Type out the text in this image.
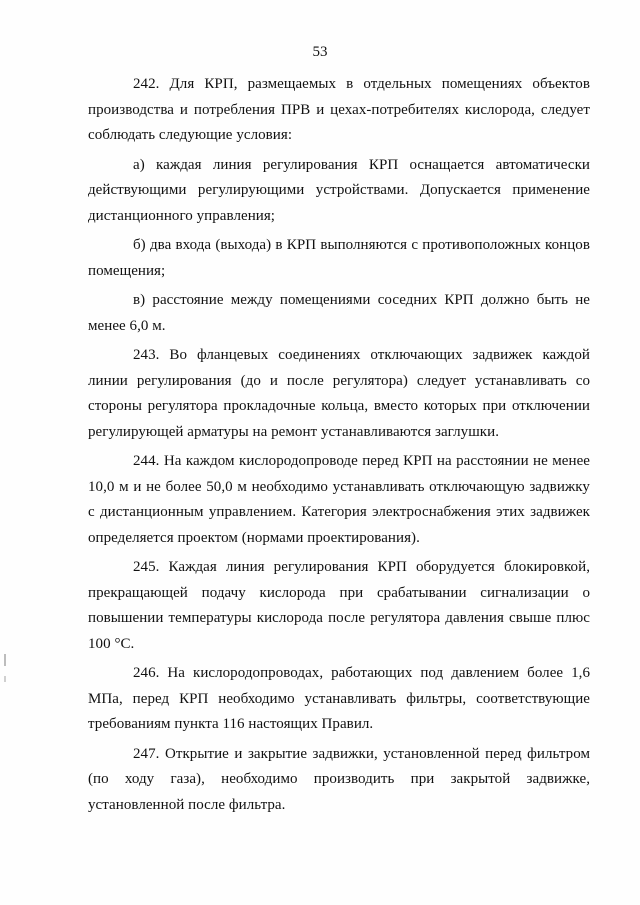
53

242. Для КРП, размещаемых в отдельных помещениях объектов производства и потребления ПРВ и цехах-потребителях кислорода, следует соблюдать следующие условия:

а) каждая линия регулирования КРП оснащается автоматически действующими регулирующими устройствами. Допускается применение дистанционного управления;

б) два входа (выхода) в КРП выполняются с противоположных концов помещения;

в) расстояние между помещениями соседних КРП должно быть не менее 6,0 м.

243. Во фланцевых соединениях отключающих задвижек каждой линии регулирования (до и после регулятора) следует устанавливать со стороны регулятора прокладочные кольца, вместо которых при отключении регулирующей арматуры на ремонт устанавливаются заглушки.

244. На каждом кислородопроводе перед КРП на расстоянии не менее 10,0 м и не более 50,0 м необходимо устанавливать отключающую задвижку с дистанционным управлением. Категория электроснабжения этих задвижек определяется проектом (нормами проектирования).

245. Каждая линия регулирования КРП оборудуется блокировкой, прекращающей подачу кислорода при срабатывании сигнализации о повышении температуры кислорода после регулятора давления свыше плюс 100 °С.

246. На кислородопроводах, работающих под давлением более 1,6 МПа, перед КРП необходимо устанавливать фильтры, соответствующие требованиям пункта 116 настоящих Правил.

247. Открытие и закрытие задвижки, установленной перед фильтром (по ходу газа), необходимо производить при закрытой задвижке, установленной после фильтра.
